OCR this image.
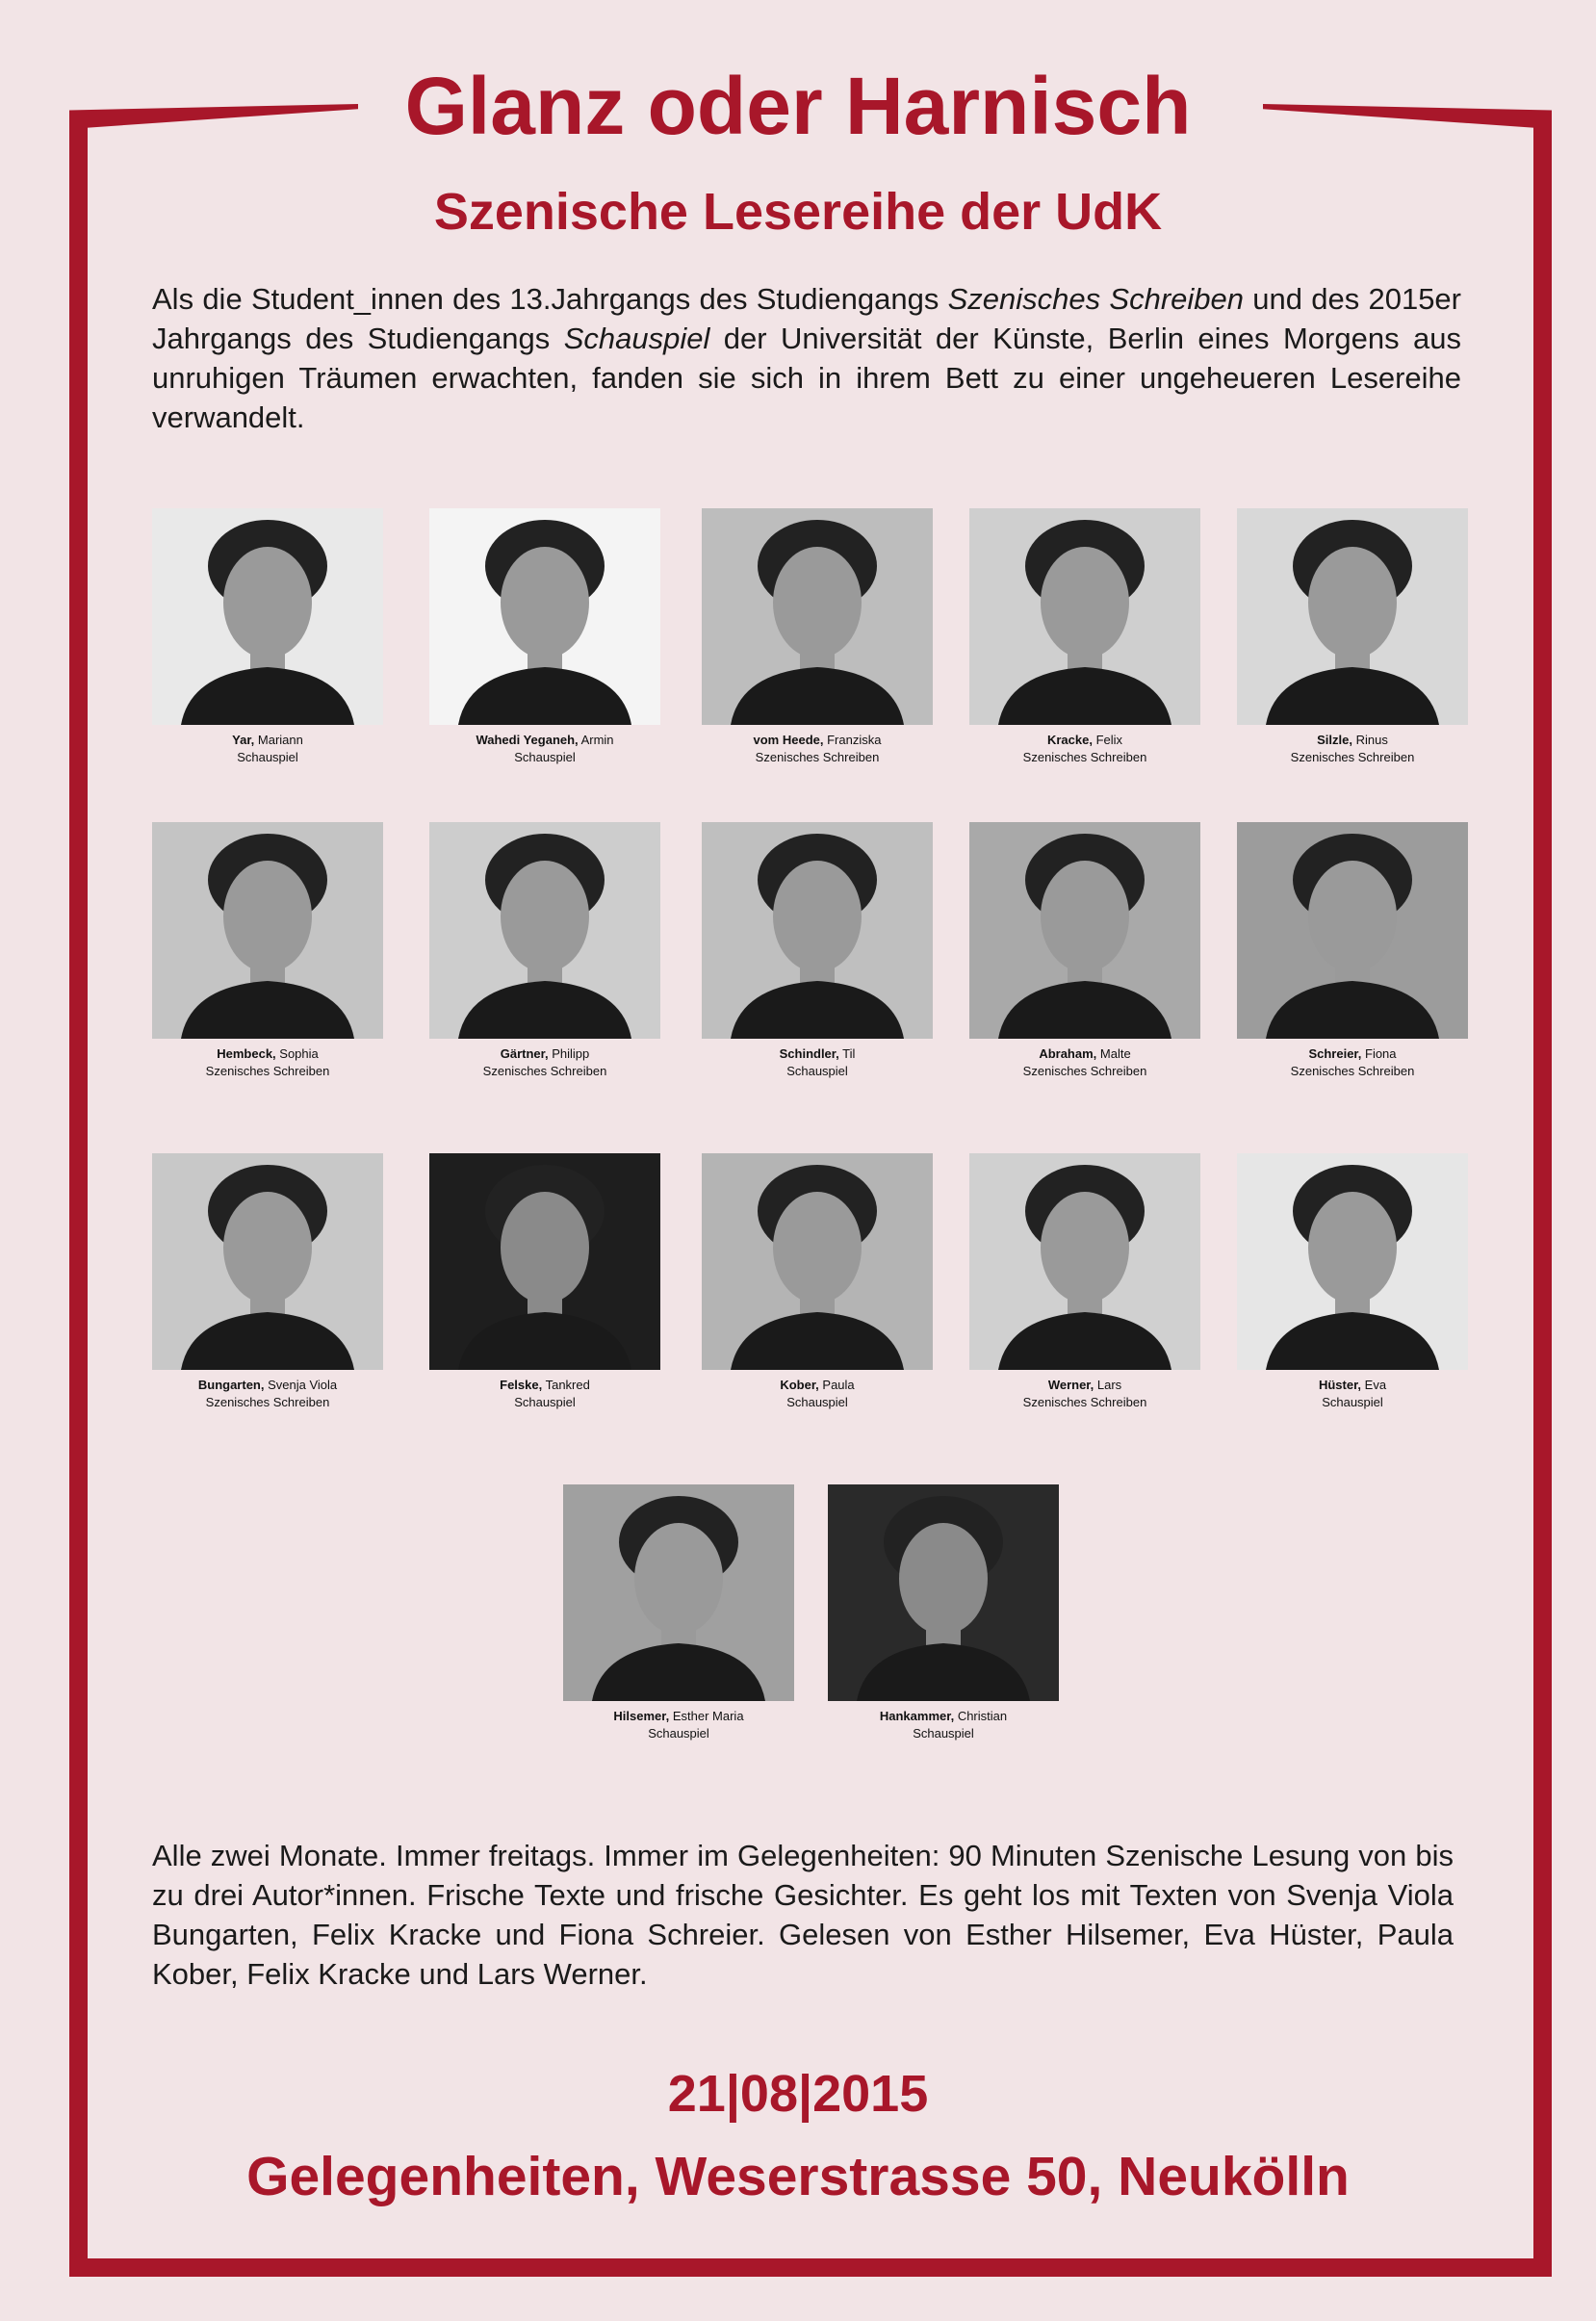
Glanz oder Harnisch
Szenische Lesereihe der UdK
Als die Student_innen des 13.Jahrgangs des Studiengangs Szenisches Schreiben und des 2015er Jahrgangs des Studiengangs Schauspiel der Universität der Künste, Berlin eines Morgens aus unruhigen Träumen erwachten, fanden sie sich in ihrem Bett zu einer ungeheueren Lesereihe verwandelt.
Yar, Mariann
Schauspiel
Wahedi Yeganeh, Armin
Schauspiel
vom Heede, Franziska
Szenisches Schreiben
Kracke, Felix
Szenisches Schreiben
Silzle, Rinus
Szenisches Schreiben
Hembeck, Sophia
Szenisches Schreiben
Gärtner, Philipp
Szenisches Schreiben
Schindler, Til
Schauspiel
Abraham, Malte
Szenisches Schreiben
Schreier, Fiona
Szenisches Schreiben
Bungarten, Svenja Viola
Szenisches Schreiben
Felske, Tankred
Schauspiel
Kober, Paula
Schauspiel
Werner, Lars
Szenisches Schreiben
Hüster, Eva
Schauspiel
Hilsemer, Esther Maria
Schauspiel
Hankammer, Christian
Schauspiel
Alle zwei Monate. Immer freitags. Immer im Gelegenheiten: 90 Minuten Szenische Lesung von bis zu drei Autor*innen. Frische Texte und frische Gesichter. Es geht los mit Texten von Svenja Viola Bungarten, Felix Kracke und Fiona Schreier. Gelesen von Esther Hilsemer, Eva Hüster, Paula Kober, Felix Kracke und Lars Werner.
21|08|2015
Gelegenheiten, Weserstrasse 50, Neukölln
